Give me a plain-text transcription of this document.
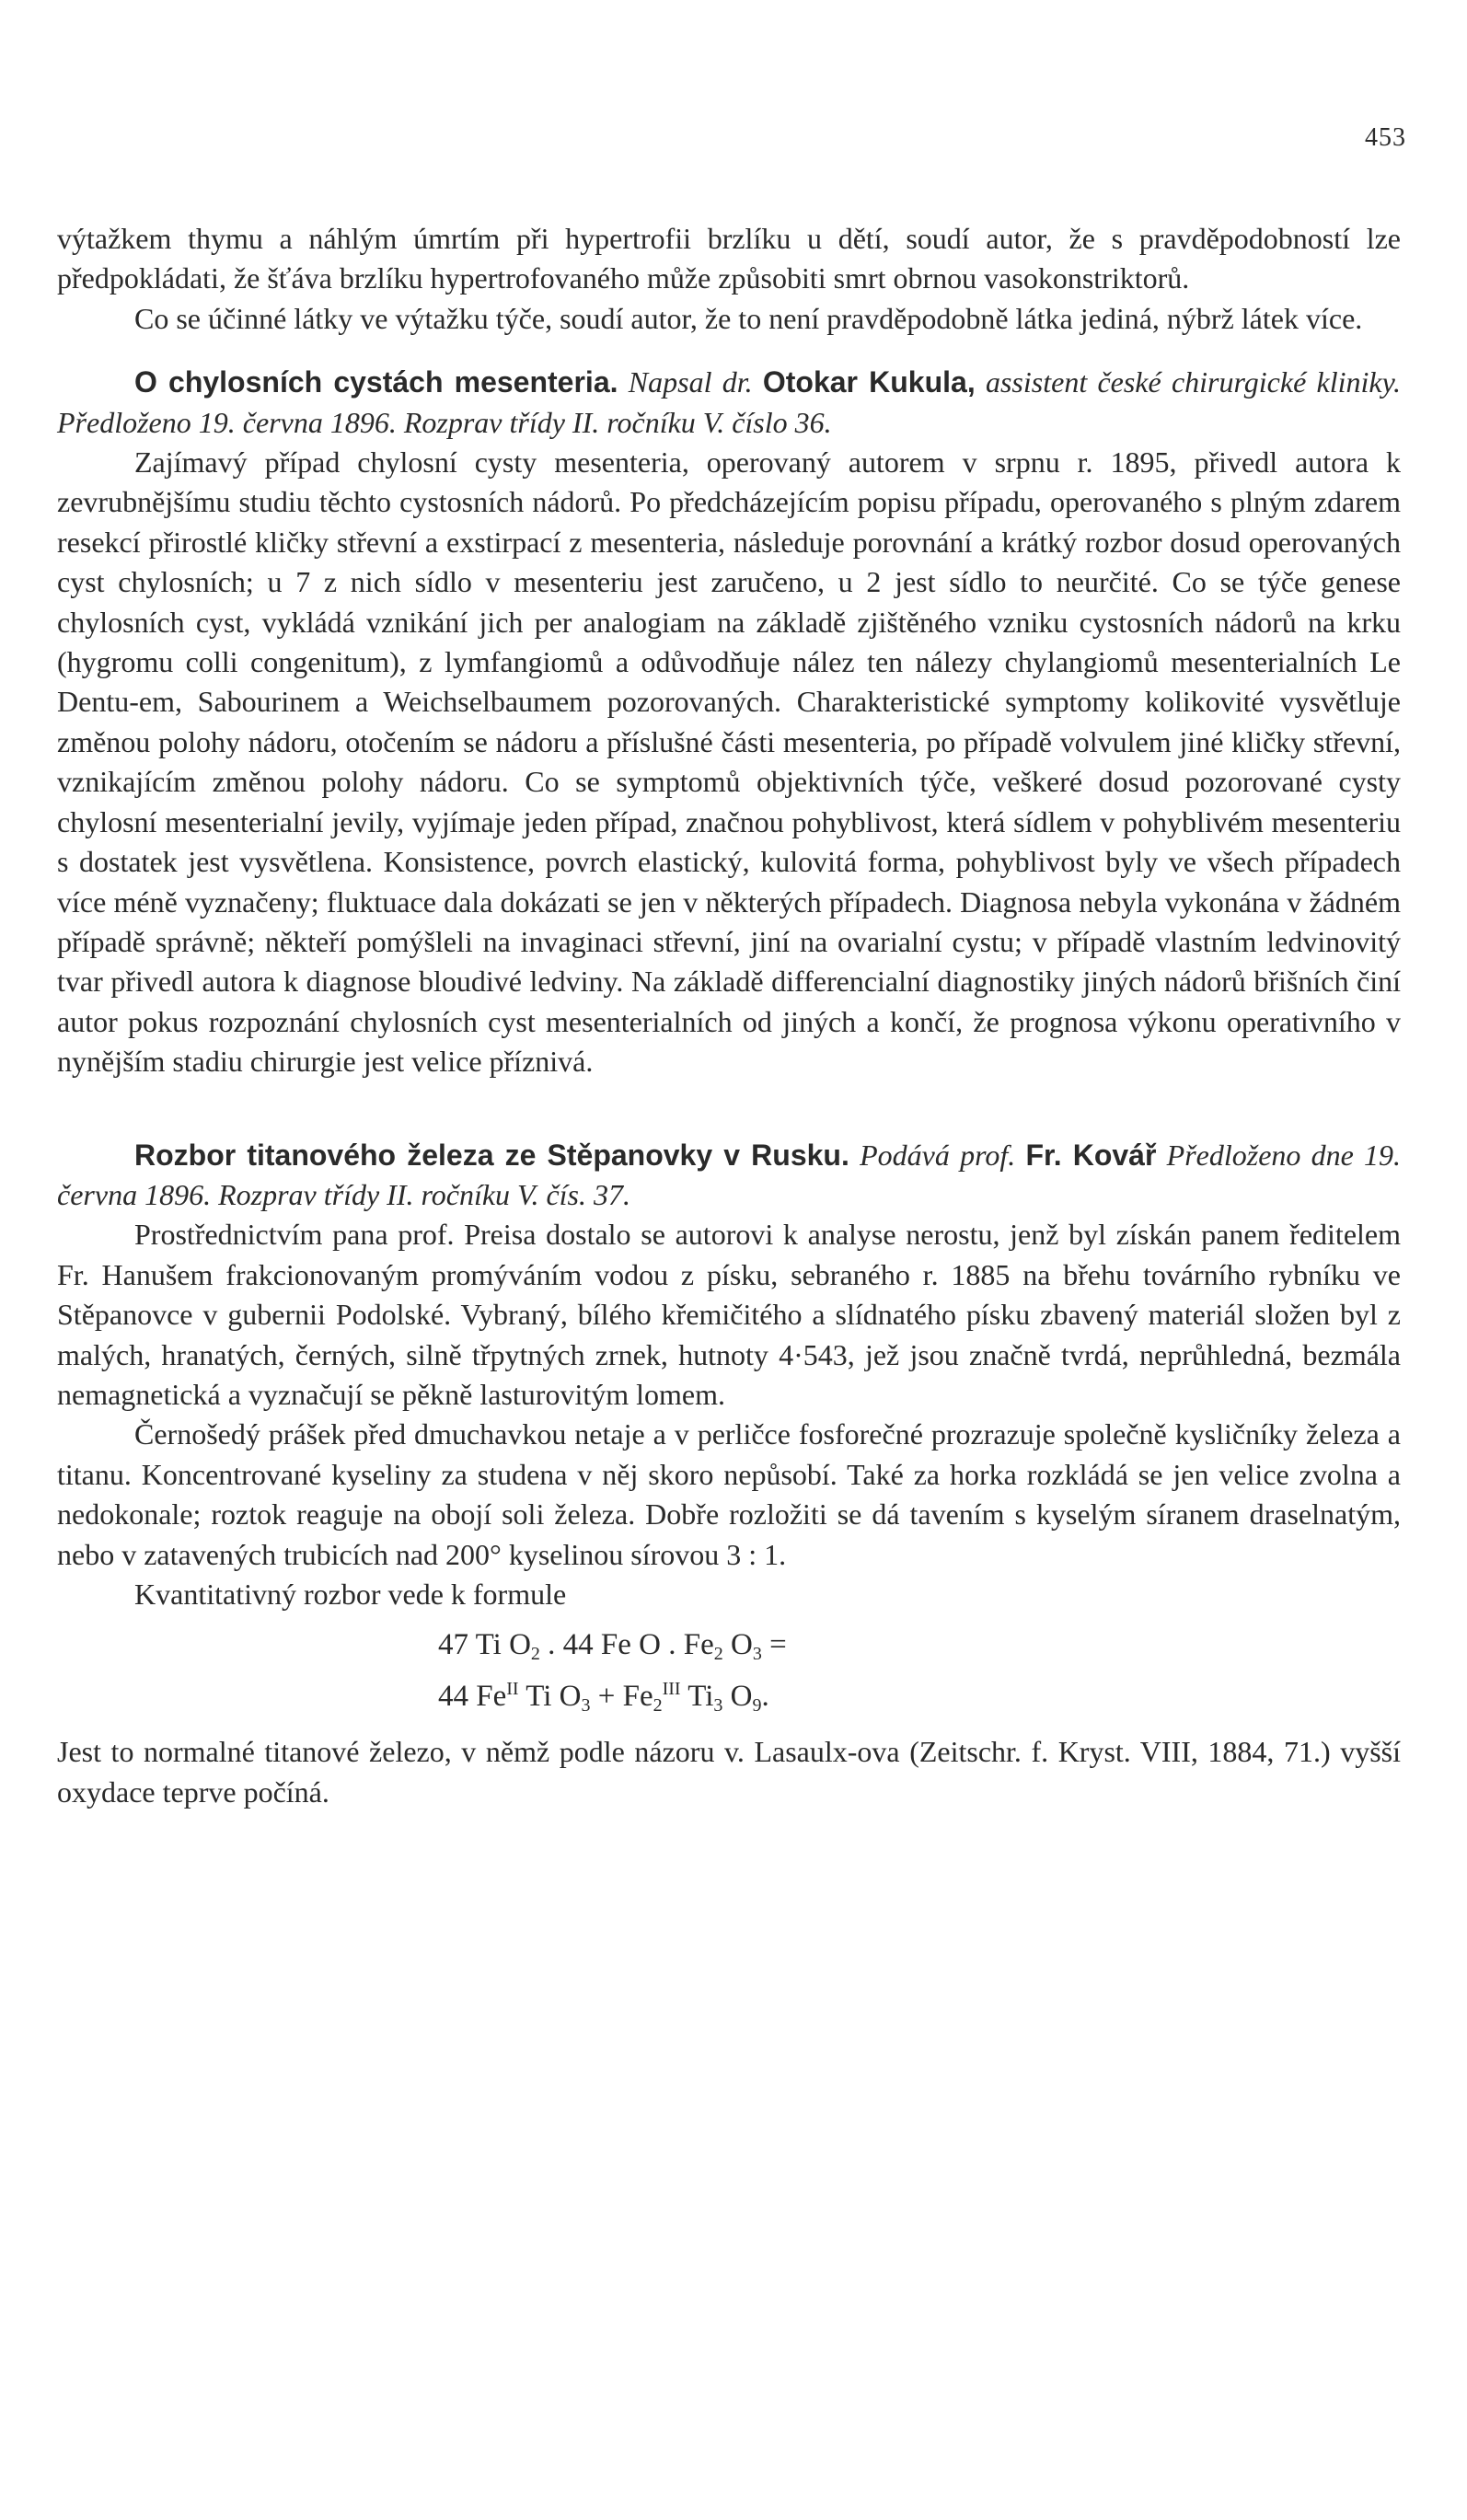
453

výtažkem thymu a náhlým úmrtím při hypertrofii brzlíku u dětí, soudí autor, že s pravděpodobností lze předpokládati, že šťáva brzlíku hypertrofovaného může způsobiti smrt obrnou vasokonstriktorů.

Co se účinné látky ve výtažku týče, soudí autor, že to není pravděpodobně látka jediná, nýbrž látek více.

O chylosních cystách mesenteria. Napsal dr. Otokar Kukula, assistent české chirurgické kliniky. Předloženo 19. června 1896. Rozprav třídy II. ročníku V. číslo 36.

Zajímavý případ chylosní cysty mesenteria, operovaný autorem v srpnu r. 1895, přivedl autora k zevrubnějšímu studiu těchto cystosních nádorů. Po předcházejícím popisu případu, operovaného s plným zdarem resekcí přirostlé kličky střevní a exstirpací z mesenteria, následuje porovnání a krátký rozbor dosud operovaných cyst chylosních; u 7 z nich sídlo v mesenteriu jest zaručeno, u 2 jest sídlo to neurčité. Co se týče genese chylosních cyst, vykládá vznikání jich per analogiam na základě zjištěného vzniku cystosních nádorů na krku (hygromu colli congenitum), z lymfangiomů a odůvodňuje nález ten nálezy chylangiomů mesenterialních Le Dentu-em, Sabourinem a Weichselbaumem pozorovaných. Charakteristické symptomy kolikovité vysvětluje změnou polohy nádoru, otočením se nádoru a příslušné části mesenteria, po případě volvulem jiné kličky střevní, vznikajícím změnou polohy nádoru. Co se symptomů objektivních týče, veškeré dosud pozorované cysty chylosní mesenterialní jevily, vyjímaje jeden případ, značnou pohyblivost, která sídlem v pohyblivém mesenteriu s dostatek jest vysvětlena. Konsistence, povrch elastický, kulovitá forma, pohyblivost byly ve všech případech více méně vyznačeny; fluktuace dala dokázati se jen v některých případech. Diagnosa nebyla vykonána v žádném případě správně; někteří pomýšleli na invaginaci střevní, jiní na ovarialní cystu; v případě vlastním ledvinovitý tvar přivedl autora k diagnose bloudivé ledviny. Na základě differencialní diagnostiky jiných nádorů břišních činí autor pokus rozpoznání chylosních cyst mesenterialních od jiných a končí, že prognosa výkonu operativního v nynějším stadiu chirurgie jest velice příznivá.

Rozbor titanového železa ze Stěpanovky v Rusku. Podává prof. Fr. Kovář Předloženo dne 19. června 1896. Rozprav třídy II. ročníku V. čís. 37.

Prostřednictvím pana prof. Preisa dostalo se autorovi k analyse nerostu, jenž byl získán panem ředitelem Fr. Hanušem frakcionovaným promýváním vodou z písku, sebraného r. 1885 na břehu továrního rybníku ve Stěpanovce v gubernii Podolské. Vybraný, bílého křemičitého a slídnatého písku zbavený materiál složen byl z malých, hranatých, černých, silně třpytných zrnek, hutnoty 4·543, jež jsou značně tvrdá, neprůhledná, bezmála nemagnetická a vyznačují se pěkně lasturovitým lomem.

Černošedý prášek před dmuchavkou netaje a v perličce fosforečné prozrazuje společně kysličníky železa a titanu. Koncentrované kyseliny za studena v něj skoro nepůsobí. Také za horka rozkládá se jen velice zvolna a nedokonale; roztok reaguje na obojí soli železa. Dobře rozložiti se dá tavením s kyselým síranem draselnatým, nebo v zatavených trubicích nad 200° kyselinou sírovou 3 : 1.

Kvantitativný rozbor vede k formule

47 Ti $O_2$ . 44 Fe O . $Fe_2$ $O_3$ =
44 $Fe^{II}$ Ti $O_3 + Fe_2^{III}$ $Ti_3$ $O_9$.

Jest to normalné titanové železo, v němž podle názoru v. Lasaulx-ova (Zeitschr. f. Kryst. VIII, 1884, 71.) vyšší oxydace teprve počíná.
